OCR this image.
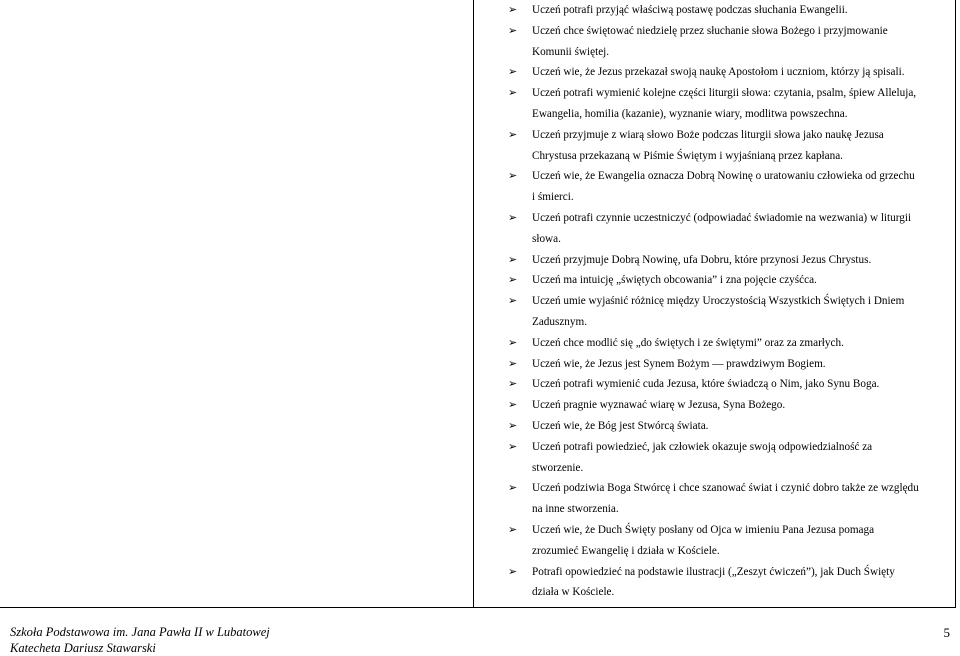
➢ Uczeń potrafi przyjąć właściwą postawę podczas słuchania Ewangelii.
➢ Uczeń chce świętować niedzielę przez słuchanie słowa Bożego i przyjmowanie
Komunii świętej.
➢ Uczeń wie, że Jezus przekazał swoją naukę Apostołom i uczniom, którzy ją spisali.
➢ Uczeń potrafi wymienić kolejne części liturgii słowa: czytania, psalm, śpiew Alleluja,
Ewangelia, homilia (kazanie), wyznanie wiary, modlitwa powszechna.
➢ Uczeń przyjmuje z wiarą słowo Boże podczas liturgii słowa jako naukę Jezusa
Chrystusa przekazaną w Piśmie Świętym i wyjaśnianą przez kapłana.
➢ Uczeń wie, że Ewangelia oznacza Dobrą Nowinę o uratowaniu człowieka od grzechu
i śmierci.
➢ Uczeń potrafi czynnie uczestniczyć (odpowiadać świadomie na wezwania) w liturgii
słowa.
➢ Uczeń przyjmuje Dobrą Nowinę, ufa Dobru, które przynosi Jezus Chrystus.
➢ Uczeń ma intuicję „świętych obcowania” i zna pojęcie czyśćca.
➢ Uczeń umie wyjaśnić różnicę między Uroczystością Wszystkich Świętych i Dniem
Zadusznym.
➢ Uczeń chce modlić się „do świętych i ze świętymi” oraz za zmarłych.
➢ Uczeń wie, że Jezus jest Synem Bożym — prawdziwym Bogiem.
➢ Uczeń potrafi wymienić cuda Jezusa, które świadczą o Nim, jako Synu Boga.
➢ Uczeń pragnie wyznawać wiarę w Jezusa, Syna Bożego.
➢ Uczeń wie, że Bóg jest Stwórcą świata.
➢ Uczeń potrafi powiedzieć, jak człowiek okazuje swoją odpowiedzialność za
stworzenie.
➢ Uczeń podziwia Boga Stwórcę i chce szanować świat i czynić dobro także ze względu
na inne stworzenia.
➢ Uczeń wie, że Duch Święty posłany od Ojca w imieniu Pana Jezusa pomaga
zrozumieć Ewangelię i działa w Kościele.
➢ Potrafi opowiedzieć na podstawie ilustracji („Zeszyt ćwiczeń”), jak Duch Święty
działa w Kościele.
Szkoła Podstawowa im. Jana Pawła II w Lubatowej
Katecheta Dariusz Stawarski
5
